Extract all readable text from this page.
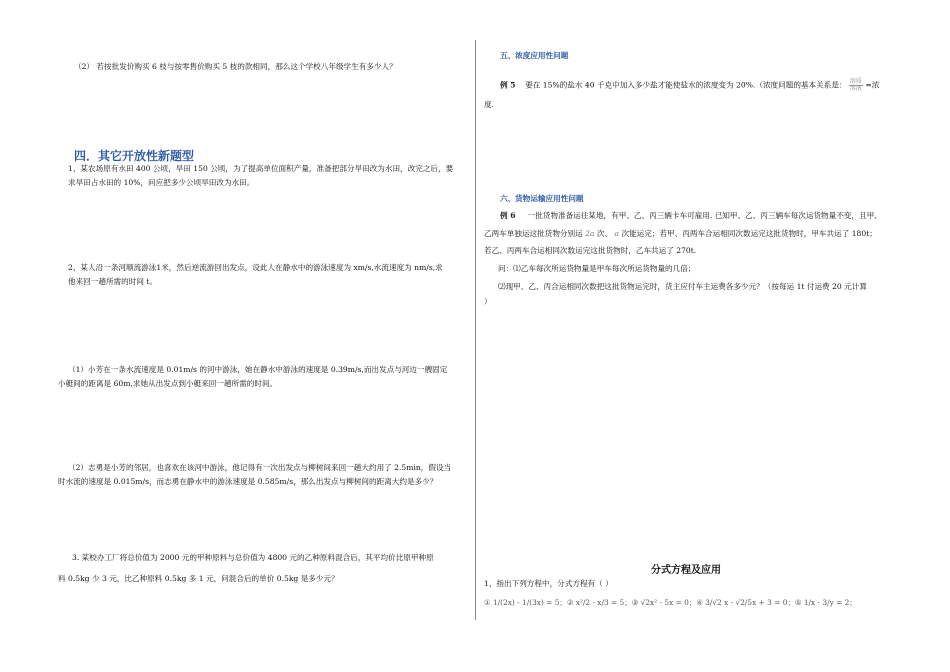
（2） 若按批发价购买 6 枝与按零售价购买 5 枝的款相同，那么这个学校八年级学生有多少人？
四．其它开放性新题型
1、某农场原有水田 400 公顷，旱田 150 公顷，为了提高单位面积产量，准备把部分旱田改为水田，改完之后，要
求旱田占水田的 10%，问应把多少公顷旱田改为水田。
2、某人沿一条河顺流游泳1米，然后逆流游回出发点，设此人在静水中的游泳速度为 xm/s,水流速度为 nm/s,求
他来回一趟所需的时间 t。
（1）小芳在一条水流速度是 0.01m/s 的河中游泳，她在静水中游泳的速度是 0.39m/s,而出发点与河边一艘固定
小艇间的距离是 60m,求她从出发点到小艇来回一趟所需的时间。
（2）志勇是小芳的邻居，也喜欢在该河中游泳，他记得有一次出发点与柳树间来回一趟大约用了 2.5min，假设当
时水流的速度是 0.015m/s，而志勇在静水中的游泳速度是 0.585m/s，那么出发点与柳树间的距离大约是多少？
3. 某校办工厂将总价值为 2000 元的甲种原料与总价值为 4800 元的乙种原料混合后，其平均价比原甲种原
料 0.5kg 少 3 元，比乙种原料 0.5kg 多 1 元，问混合后的单价 0.5kg 是多少元？
五、浓度应用性问题
例 5 要在 15%的盐水 40 千克中加入多少盐才能使盐水的浓度变为 20%.（浓度问题的基本关系是： $\frac{\text{溶质}}{\text{溶液}}$ =浓
度.
六、货物运输应用性问题
例 6 一批货物准备运往某地，有甲、乙、丙三辆卡车可雇用. 已知甲、乙、丙三辆车每次运货物量不变，且甲、
乙两车单独运这批货物分别运 2a 次、 a 次能运完；若甲、丙两车合运相同次数运完这批货物时，甲车共运了 180t；
若乙、丙两车合运相同次数运完这批货物时，乙车共运了 270t.
问：⑴乙车每次所运货物量是甲车每次所运货物量的几倍；
⑵现甲、乙、丙合运相同次数把这批货物运完时，货主应付车主运费各多少元？（按每运 1t 付运费 20 元计算
）
分式方程及应用
1、指出下列方程中，分式方程有（ ）
① 1/(2x) - 1/(3x) = 5；② x²/2 - x/3 = 5；③ √2x² - 5x = 0；④ 3/√2 x - √2/5x + 3 = 0；⑤ 1/x - 3/y = 2；
